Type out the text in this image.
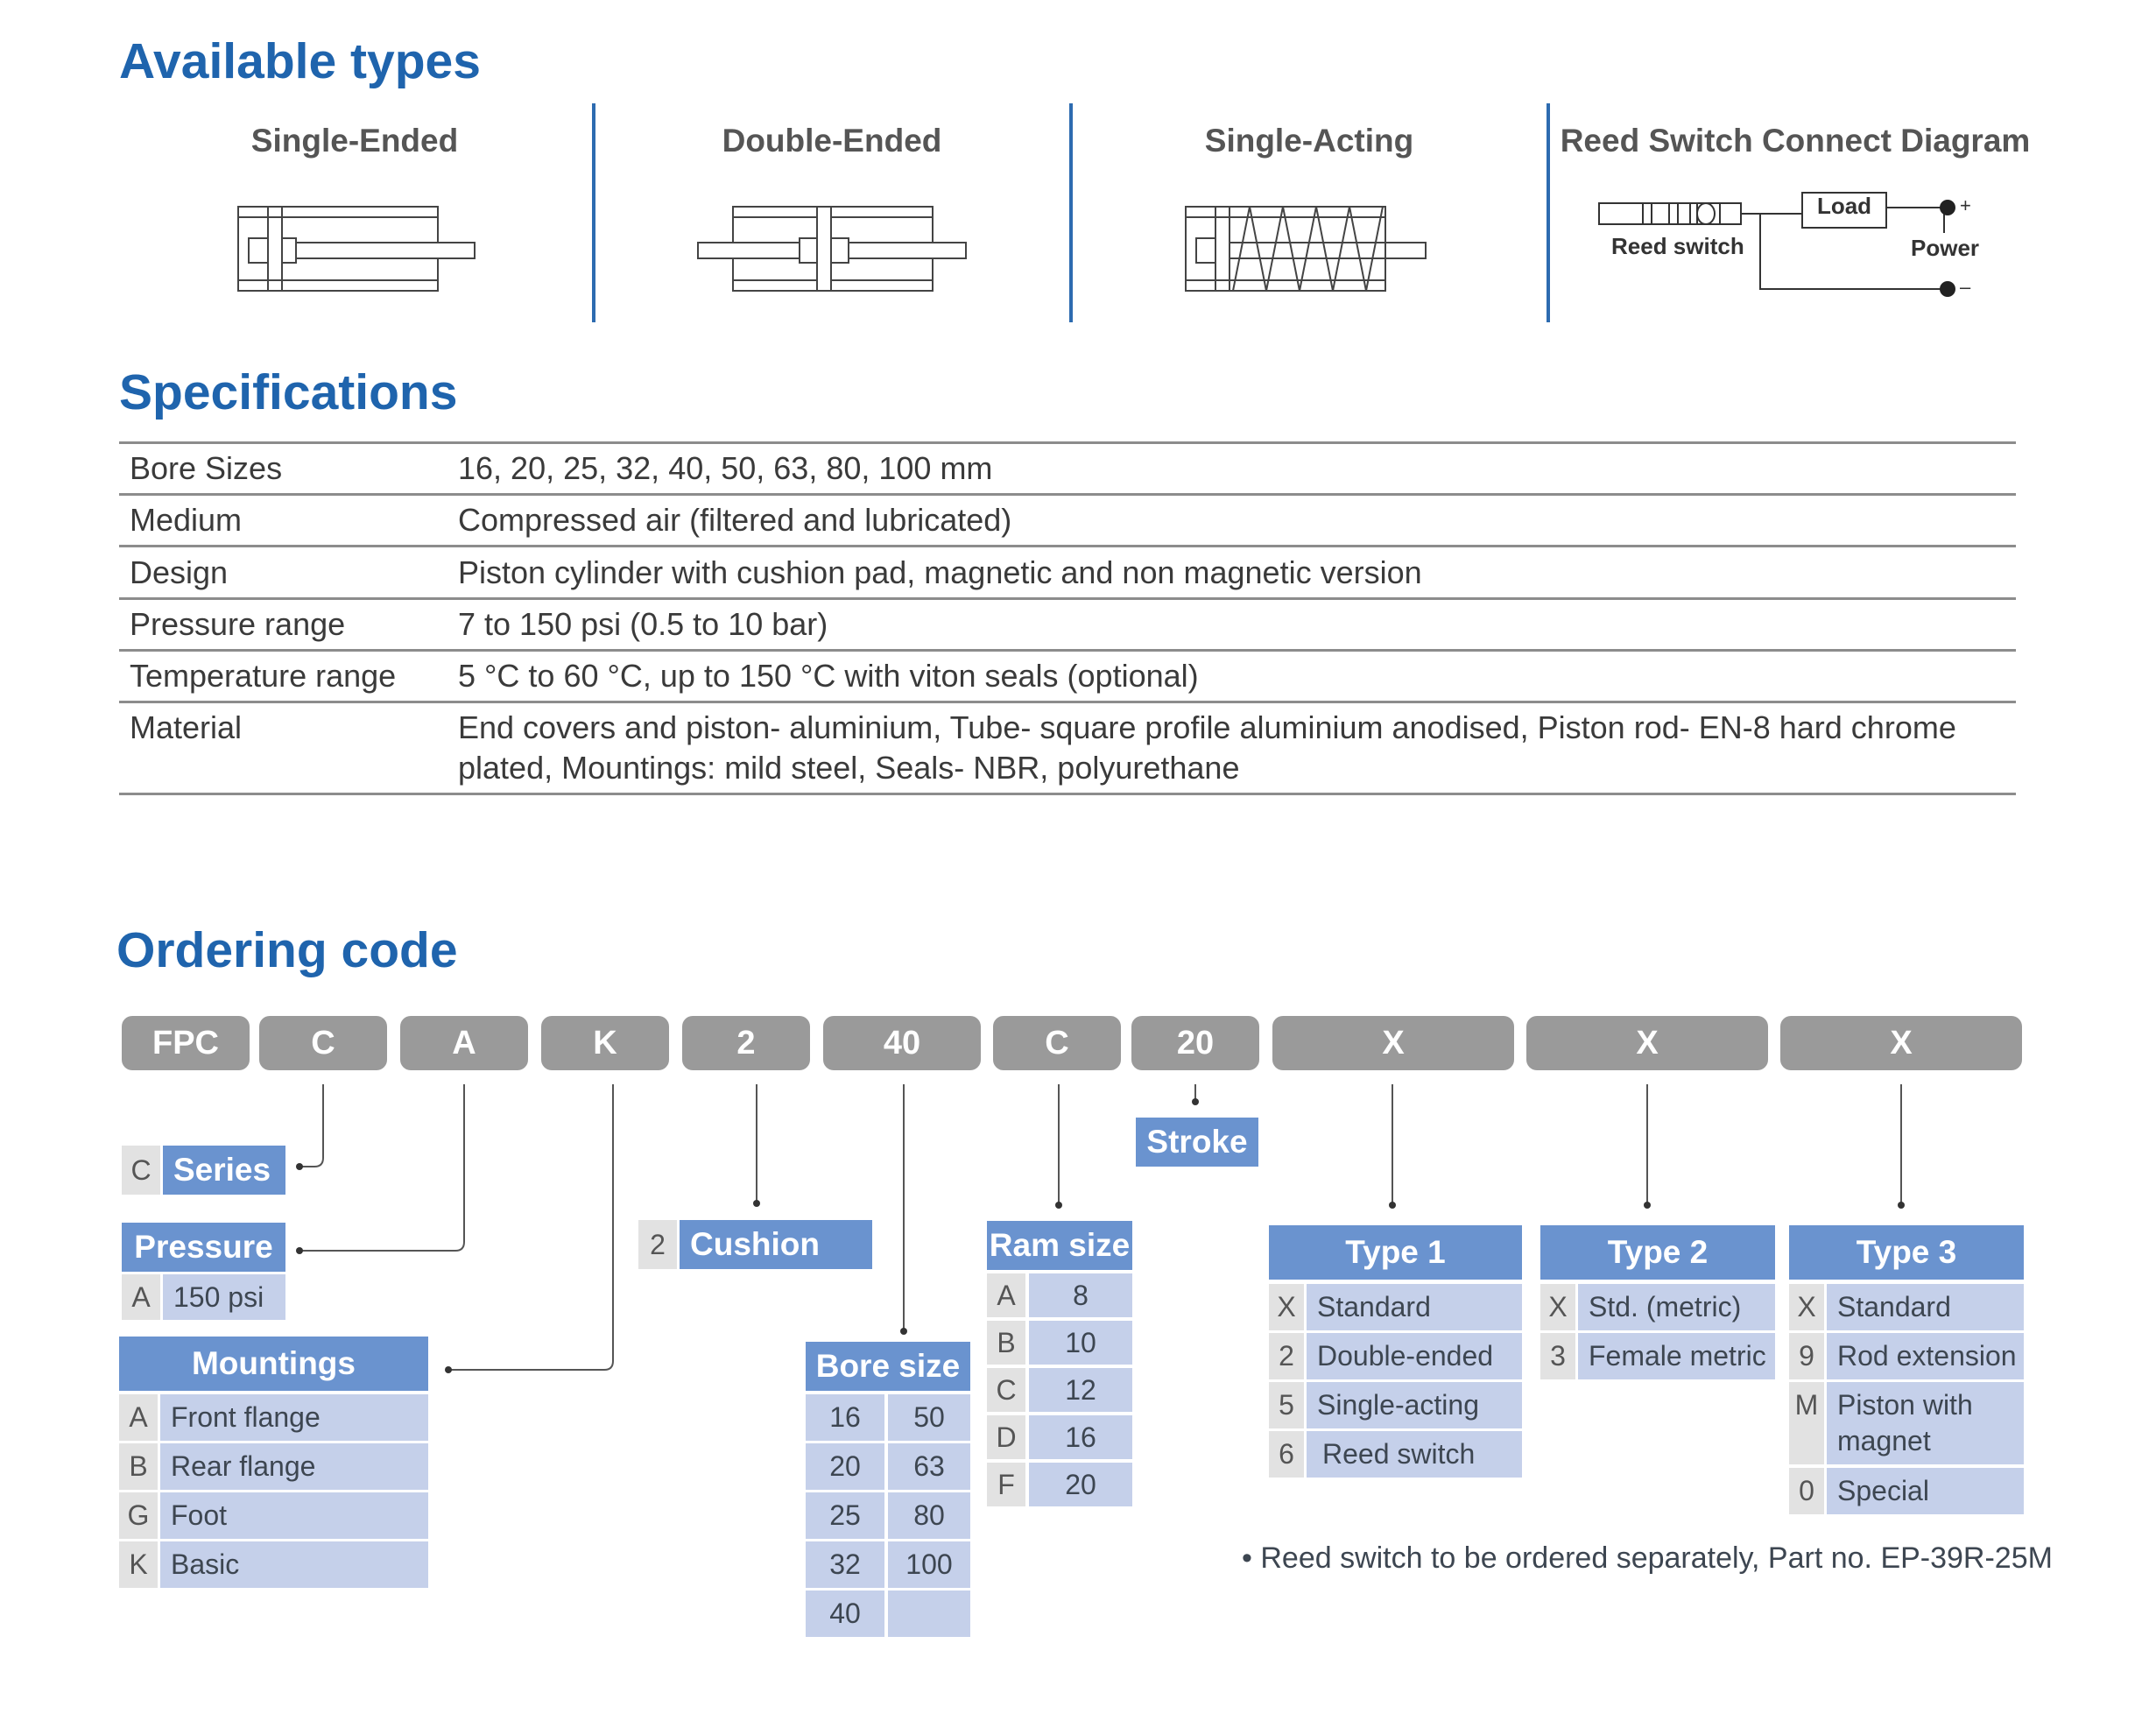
Available types
Single-Ended	Double-Ended	Single-Acting	Reed Switch Connect Diagram
Load
Reed switch	Power
+
–
Specifications
Bore Sizes	16, 20, 25, 32, 40, 50, 63, 80, 100 mm
Medium	Compressed air (filtered and lubricated)
Design	Piston cylinder with cushion pad, magnetic and non magnetic version
Pressure range	7 to 150 psi (0.5 to 10 bar)
Temperature range 5 °C to 60 °C, up to 150 °C with viton seals (optional)
Material	End covers and piston- aluminium, Tube- square profile aluminium anodised, Piston rod- EN-8 hard chrome plated, Mountings: mild steel, Seals- NBR, polyurethane
Ordering code
FPC	C	A	K	2	40	C	20	X	X	X
C Series
Pressure
A 150 psi
Mountings
A Front flange
B Rear flange
G Foot
K Basic
2 Cushion pad
Bore size
16	50
20	63
25	80
32	100
40
Ram size
A	8
B	10
C	12
D	16
F	20
Stroke
Type 1
X Standard
2 Double-ended
5 Single-acting
6	Reed switch
Type 2
X Std. (metric)
3 Female metric
Type 3
X Standard
9 Rod extension
M Piston with magnet
0 Special
• Reed switch to be ordered separately, Part no. EP-39R-25M
